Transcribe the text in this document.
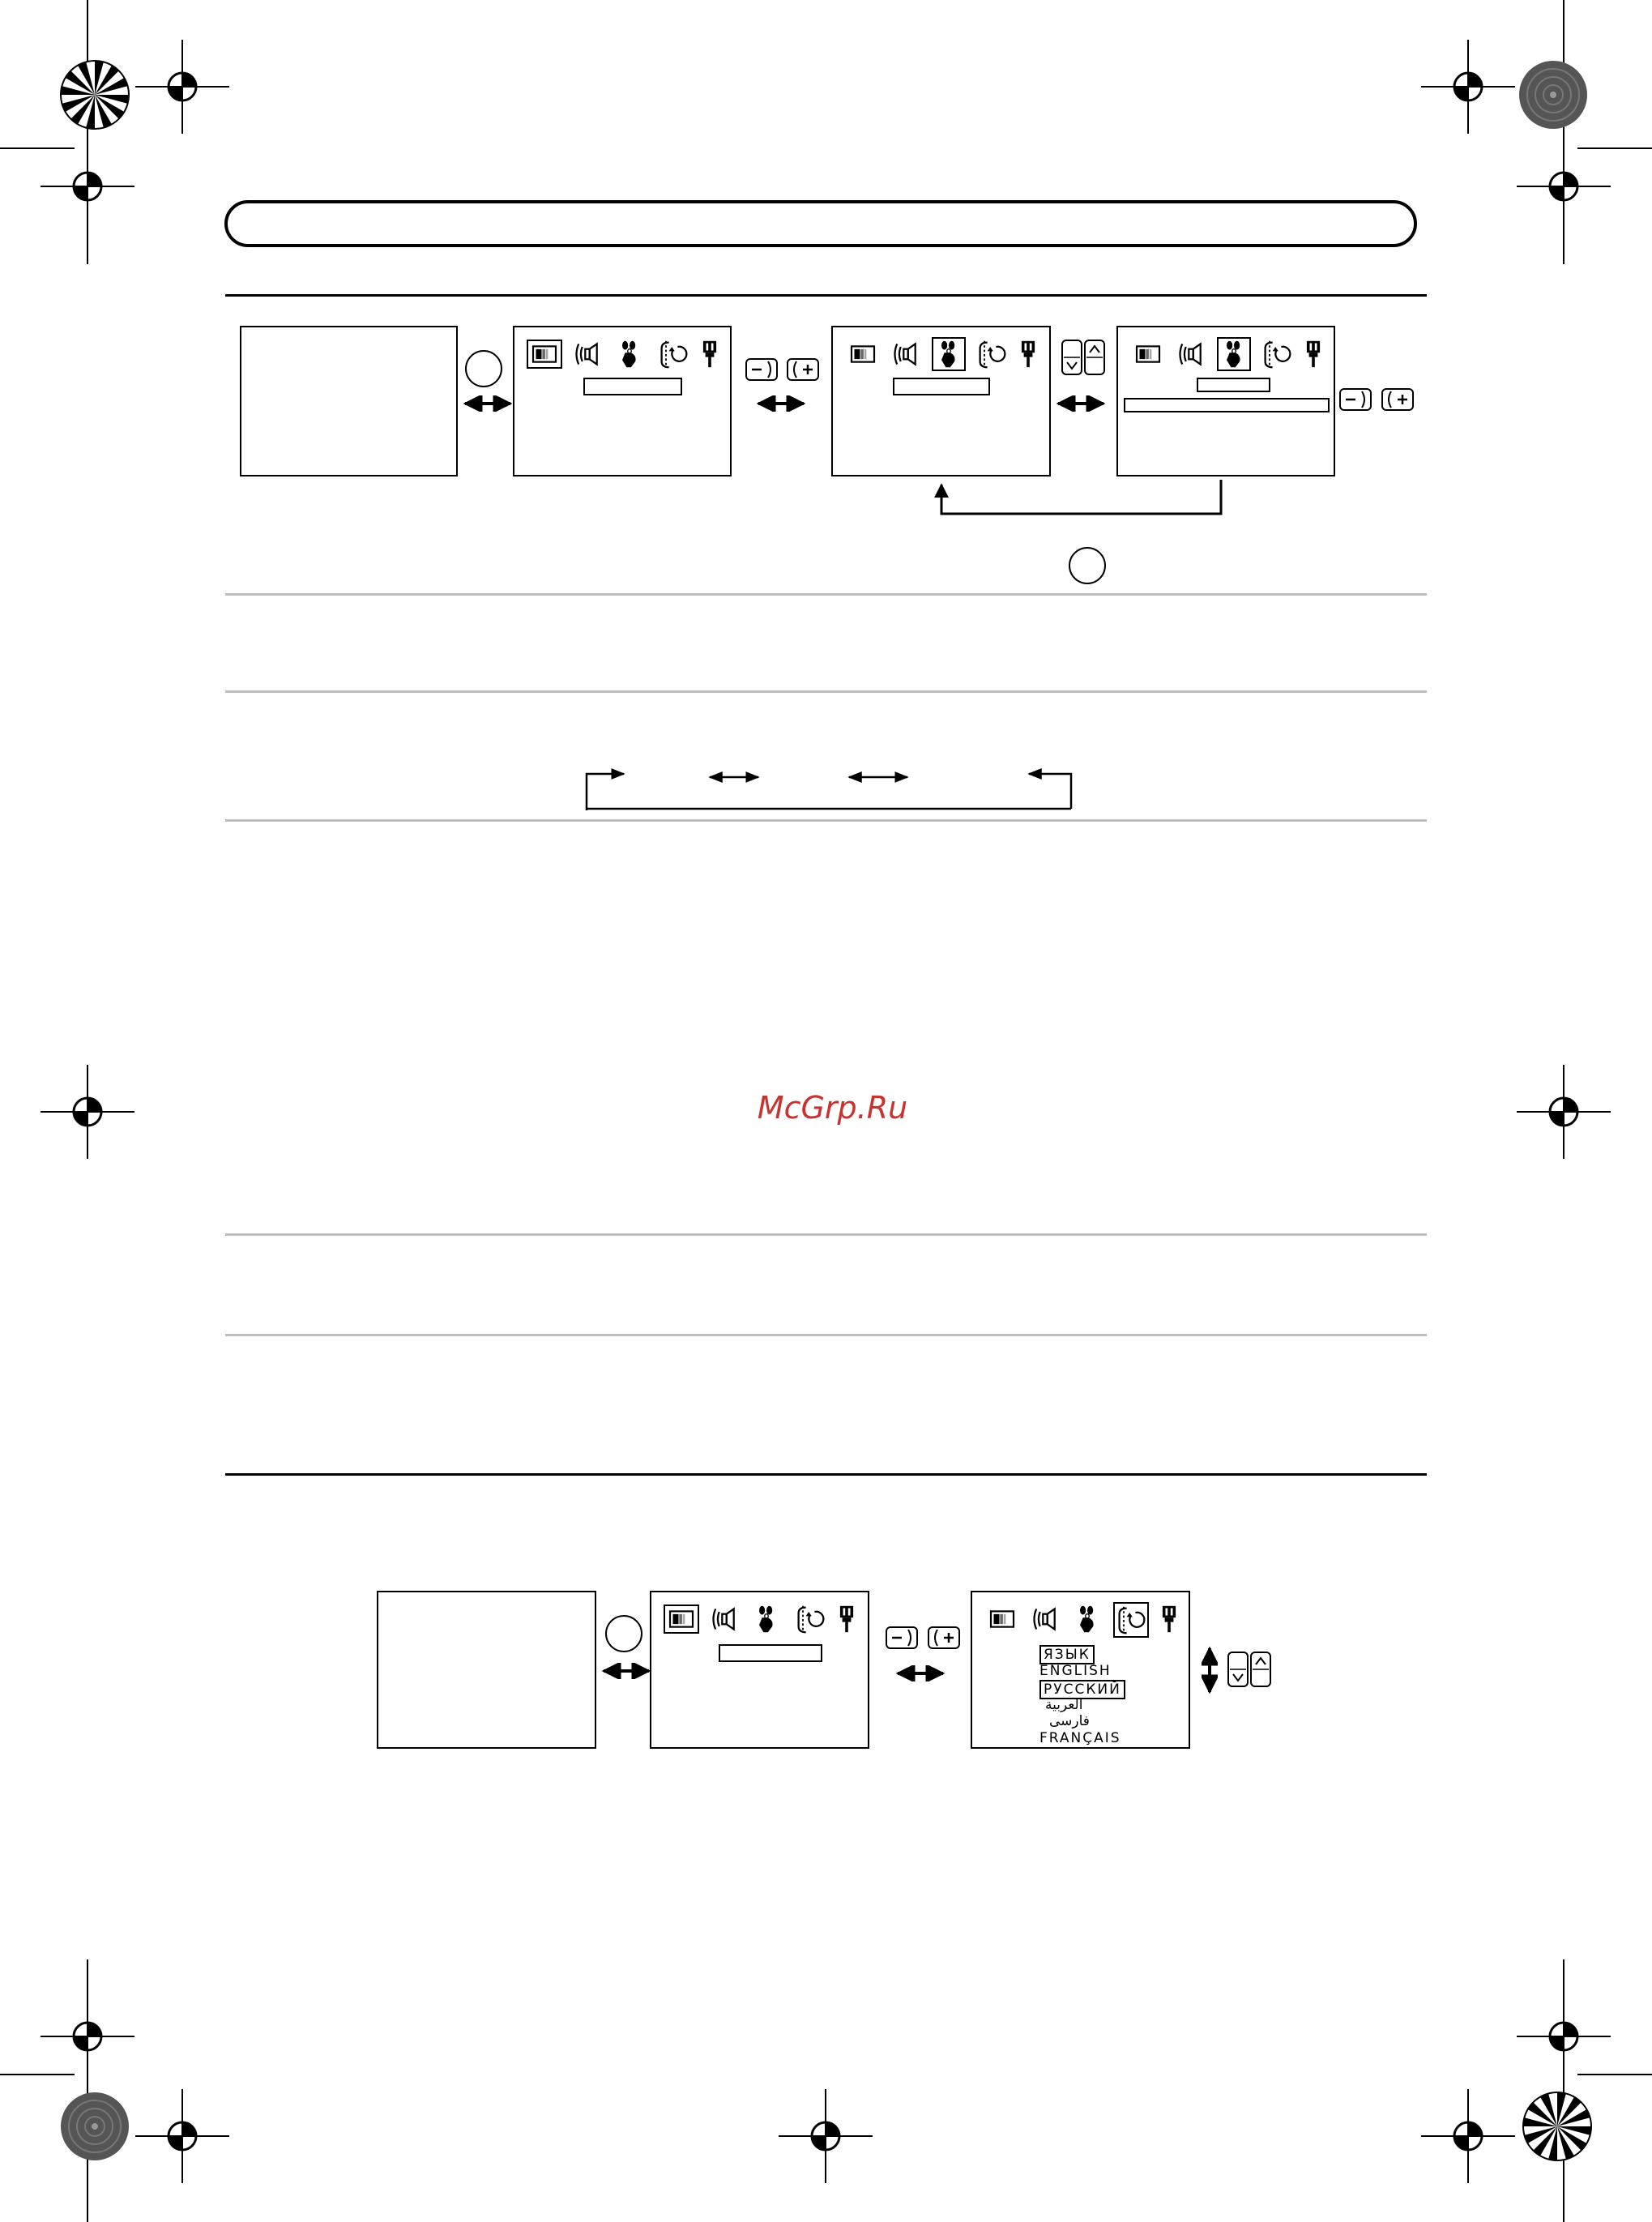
McGrp.Ru
ЯЗЫК
ENGLISH
РУССКИЙ
العربية
فارسی
FRANÇAIS
